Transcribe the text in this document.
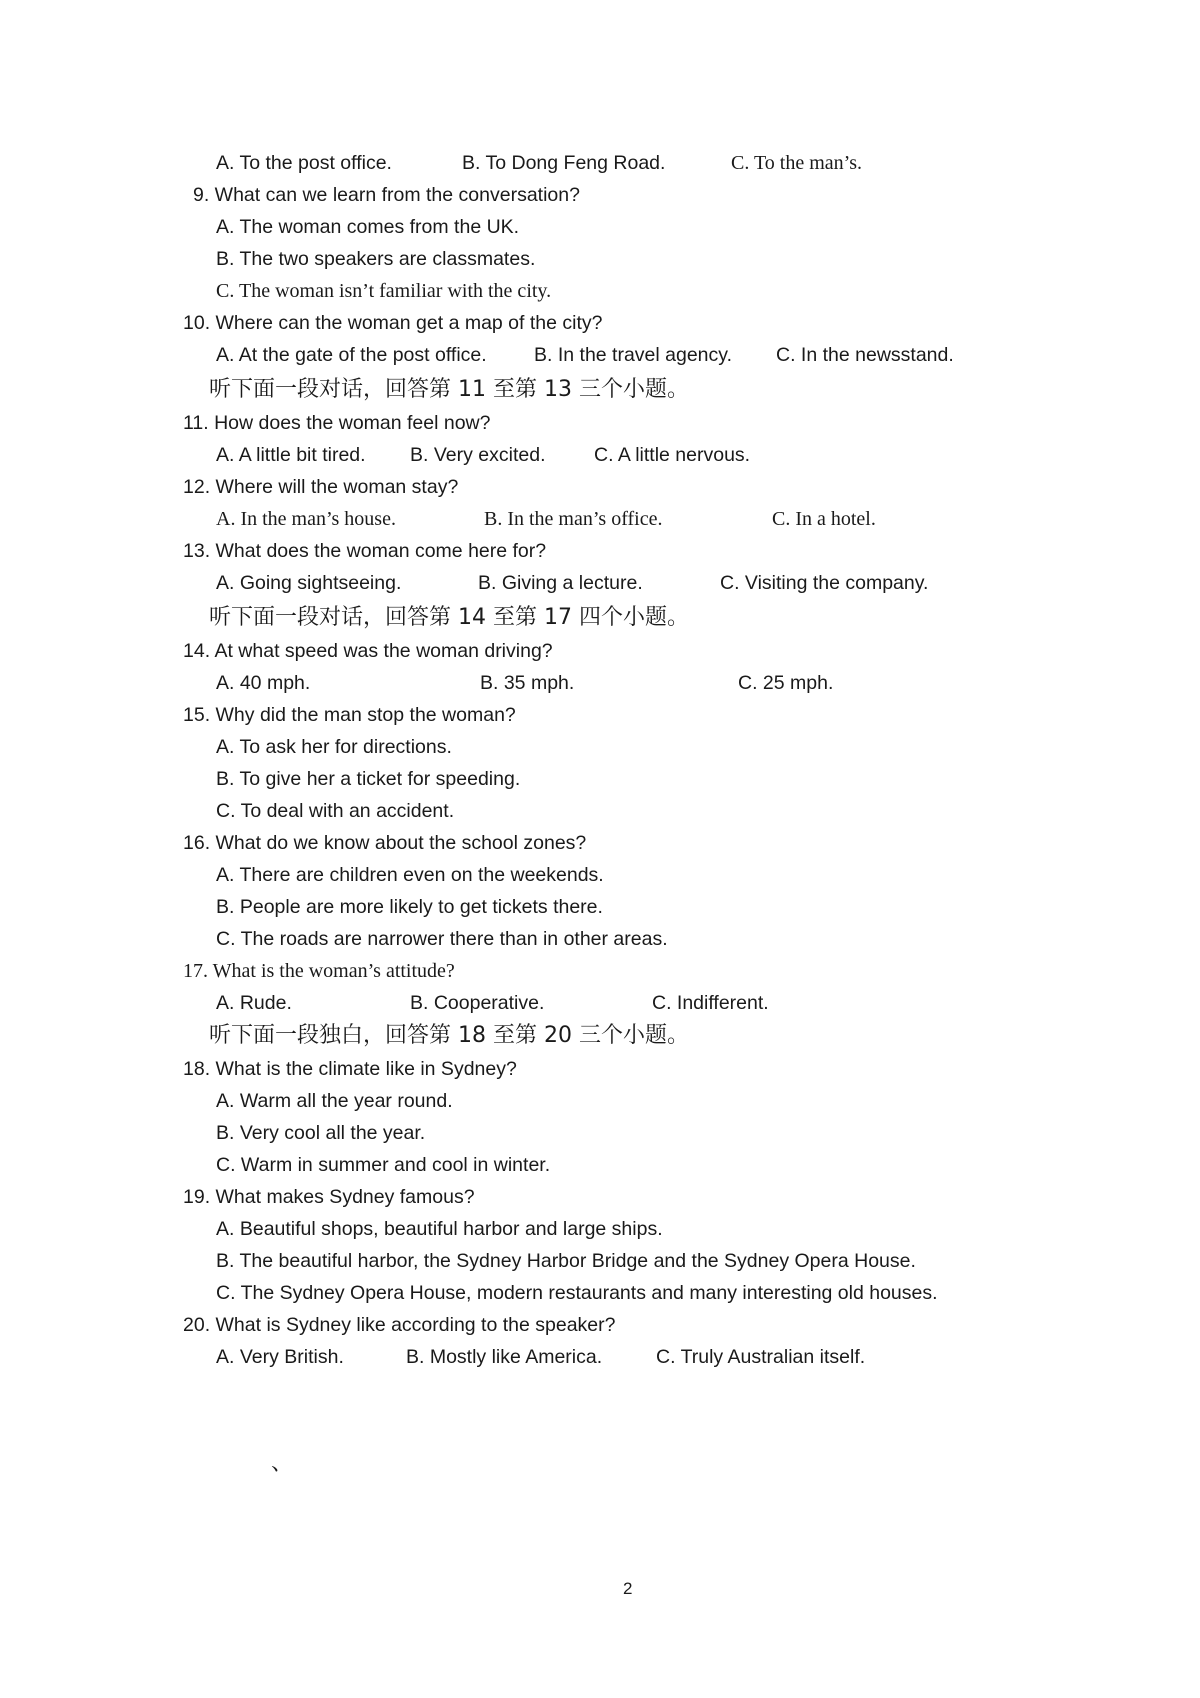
A. To the post office.	B. To Dong Feng Road.	C. To the man’s.
9. What can we learn from the conversation?
A. The woman comes from the UK.
B. The two speakers are classmates.
C. The woman isn’t familiar with the city.
10. Where can the woman get a map of the city?
A. At the gate of the post office. B. In the travel agency. C. In the newsstand.
听下面一段对话，回答第 11 至第 13 三个小题。
11. How does the woman feel now?
A. A little bit tired. B. Very excited. C. A little nervous.
12. Where will the woman stay?
A. In the man’s house.	B. In the man’s office.	C. In a hotel.
13. What does the woman come here for?
A. Going sightseeing.	B. Giving a lecture.	C. Visiting the company.
听下面一段对话，回答第 14 至第 17 四个小题。
14. At what speed was the woman driving?
A. 40 mph.	B. 35 mph.	C. 25 mph.
15. Why did the man stop the woman?
A. To ask her for directions.
B. To give her a ticket for speeding.
C. To deal with an accident.
16. What do we know about the school zones?
A. There are children even on the weekends.
B. People are more likely to get tickets there.
C. The roads are narrower there than in other areas.
17. What is the woman’s attitude?
A. Rude.	B. Cooperative.	C. Indifferent.
听下面一段独白，回答第 18 至第 20 三个小题。
18. What is the climate like in Sydney?
A. Warm all the year round.
B. Very cool all the year.
C. Warm in summer and cool in winter.
19. What makes Sydney famous?
A. Beautiful shops, beautiful harbor and large ships.
B. The beautiful harbor, the Sydney Harbor Bridge and the Sydney Opera House.
C. The Sydney Opera House, modern restaurants and many interesting old houses.
20. What is Sydney like according to the speaker?
A. Very British.	B. Mostly like America.	C. Truly Australian itself.
、
2
